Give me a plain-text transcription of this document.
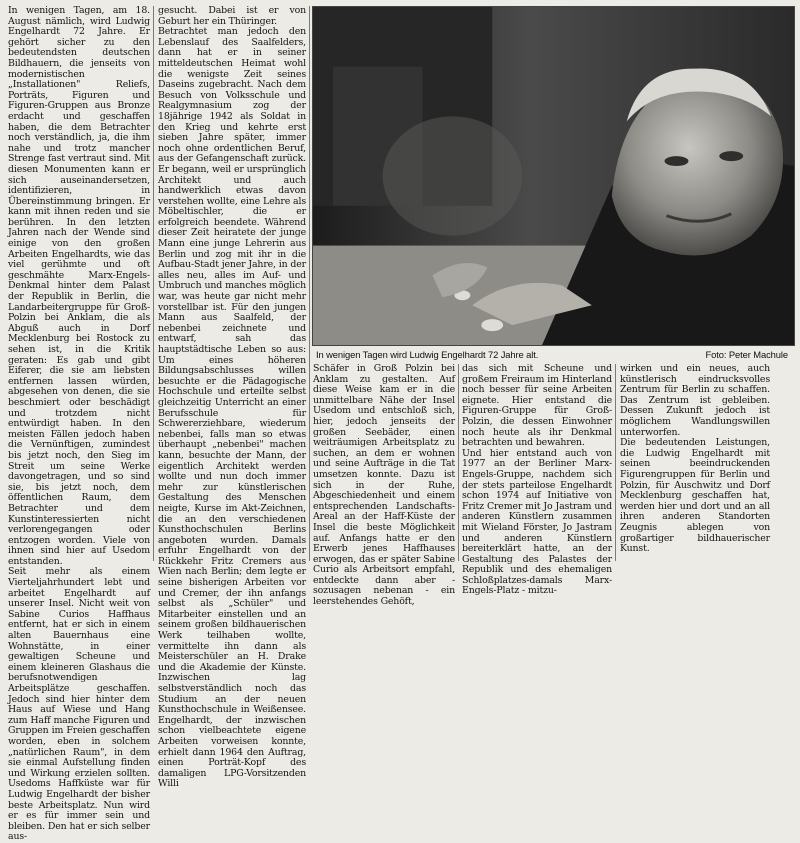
In wenigen Tagen, am 18. August nämlich, wird Ludwig Engelhardt 72 Jahre. Er gehört sicher zu den bedeutendsten deutschen Bildhauern, die jenseits von modernistischen „Installationen" Reliefs, Porträts, Figuren und Figuren-Gruppen aus Bronze erdacht und geschaffen haben, die dem Betrachter noch verständlich, ja, die ihm nahe und trotz mancher Strenge fast vertraut sind. Mit diesen Monumenten kann er sich auseinandersetzen, identifizieren, in Übereinstimmung bringen. Er kann mit ihnen reden und sie berühren. In den letzten Jahren nach der Wende sind einige von den großen Arbeiten Engelhardts, wie das viel gerühmte und oft geschmähte Marx-Engels-Denkmal hinter dem Palast der Republik in Berlin, die Landarbeitergruppe für Groß-Polzin bei Anklam, die als Abguß auch in Dorf Mecklenburg bei Rostock zu sehen ist, in die Kritik geraten: Es gab und gibt Eiferer, die sie am liebsten entfernen lassen würden, abgesehen von denen, die sie beschmiert oder beschädigt und trotzdem nicht entwürdigt haben. In den meisten Fällen jedoch haben die Vernünftigen, zumindest bis jetzt noch, den Sieg im Streit um seine Werke davongetragen, und so sind sie, bis jetzt noch, dem öffentlichen Raum, dem Betrachter und dem Kunstinteressierten nicht verlorengegangen oder entzogen worden. Viele von ihnen sind hier auf Usedom entstanden.
Seit mehr als einem Vierteljahrhundert lebt und arbeitet Engelhardt auf unserer Insel. Nicht weit von Sabine Curios Haffhaus entfernt, hat er sich in einem alten Bauernhaus eine Wohnstätte, in einer gewaltigen Scheune und einem kleineren Glashaus die berufsnotwendigen Arbeitsplätze geschaffen. Jedoch sind hier hinter dem Haus auf Wiese und Hang zum Haff manche Figuren und Gruppen im Freien geschaffen worden, eben in solchem „natürlichen Raum", in dem sie einmal Aufstellung finden und Wirkung erzielen sollten. Usedoms Haffküste war für Ludwig Engelhardt der bisher beste Arbeitsplatz. Nun wird er es für immer sein und bleiben. Den hat er sich selber aus-
gesucht. Dabei ist er von Geburt her ein Thüringer.
Betrachtet man jedoch den Lebenslauf des Saalfelders, dann hat er in seiner mitteldeutschen Heimat wohl die wenigste Zeit seines Daseins zugebracht. Nach dem Besuch von Volksschule und Realgymnasium zog der 18jährige 1942 als Soldat in den Krieg und kehrte erst sieben Jahre später, immer noch ohne ordentlichen Beruf, aus der Gefangenschaft zurück. Er begann, weil er ursprünglich Architekt und auch handwerklich etwas davon verstehen wollte, eine Lehre als Möbeltischler, die er erfolgreich beendete. Während dieser Zeit heiratete der junge Mann eine junge Lehrerin aus Berlin und zog mit ihr in die Aufbau-Stadt jener Jahre, in der alles neu, alles im Auf- und Umbruch und manches möglich war, was heute gar nicht mehr vorstellbar ist. Für den jungen Mann aus Saalfeld, der nebenbei zeichnete und entwarf, sah das hauptstädtische Leben so aus: Um eines höheren Bildungsabschlusses willen besuchte er die Pädagogische Hochschule und erteilte selbst gleichzeitig Unterricht an einer Berufsschule für Schwererziehbare, wiederum nebenbei, falls man so etwas überhaupt „nebenbei" machen kann, besuchte der Mann, der eigentlich Architekt werden wollte und nun doch immer mehr zur künstlerischen Gestaltung des Menschen neigte, Kurse im Akt-Zeichnen, die an den verschiedenen Kunsthochschulen Berlins angeboten wurden. Damals erfuhr Engelhardt von der Rückkehr Fritz Cremers aus Wien nach Berlin; dem legte er seine bisherigen Arbeiten vor und Cremer, der ihn anfangs selbst als „Schüler" und Mitarbeiter einstellen und an seinem großen bildhauerischen Werk teilhaben wollte, vermittelte ihn dann als Meisterschüler an H. Drake und die Akademie der Künste. Inzwischen lag selbstverständlich noch das Studium an der neuen Kunsthochschule in Weißensee. Engelhardt, der inzwischen schon vielbeachtete eigene Arbeiten vorweisen konnte, erhielt dann 1964 den Auftrag, einen Porträt-Kopf des damaligen LPG-Vorsitzenden Willi
In wenigen Tagen wird Ludwig Engelhardt 72 Jahre alt.	Foto: Peter Machule
Schäfer in Groß Polzin bei Anklam zu gestalten. Auf diese Weise kam er in die unmittelbare Nähe der Insel Usedom und entschloß sich, hier, jedoch jenseits der großen Seebäder, einen weiträumigen Arbeitsplatz zu suchen, an dem er wohnen und seine Aufträge in die Tat umsetzen konnte. Dazu ist sich in der Ruhe, Abgeschiedenheit und einem entsprechenden Landschafts-Areal an der Haff-Küste der Insel die beste Möglichkeit auf. Anfangs hatte er den Erwerb jenes Haffhauses erwogen, das er später Sabine Curio als Arbeitsort empfahl, entdeckte dann aber - sozusagen nebenan - ein leerstehendes Gehöft,
das sich mit Scheune und großem Freiraum im Hinterland noch besser für seine Arbeiten eignete. Hier entstand die Figuren-Gruppe für Groß-Polzin, die dessen Einwohner noch heute als ihr Denkmal betrachten und bewahren.
Und hier entstand auch von 1977 an der Berliner Marx-Engels-Gruppe, nachdem sich der stets parteilose Engelhardt schon 1974 auf Initiative von Fritz Cremer mit Jo Jastram und anderen Künstlern zusammen mit Wieland Förster, Jo Jastram und anderen Künstlern bereiterklärt hatte, an der Gestaltung des Palastes der Republik und des ehemaligen Schloßplatzes-damals Marx-Engels-Platz - mitzu-
wirken und ein neues, auch künstlerisch eindrucksvolles Zentrum für Berlin zu schaffen. Das Zentrum ist gebleiben. Dessen Zukunft jedoch ist möglichem Wandlungswillen unterworfen.
Die bedeutenden Leistungen, die Ludwig Engelhardt mit seinen beeindruckenden Figurengruppen für Berlin und Polzin, für Auschwitz und Dorf Mecklenburg geschaffen hat, werden hier und dort und an all ihren anderen Standorten Zeugnis ablegen von großartiger bildhauerischer Kunst.
